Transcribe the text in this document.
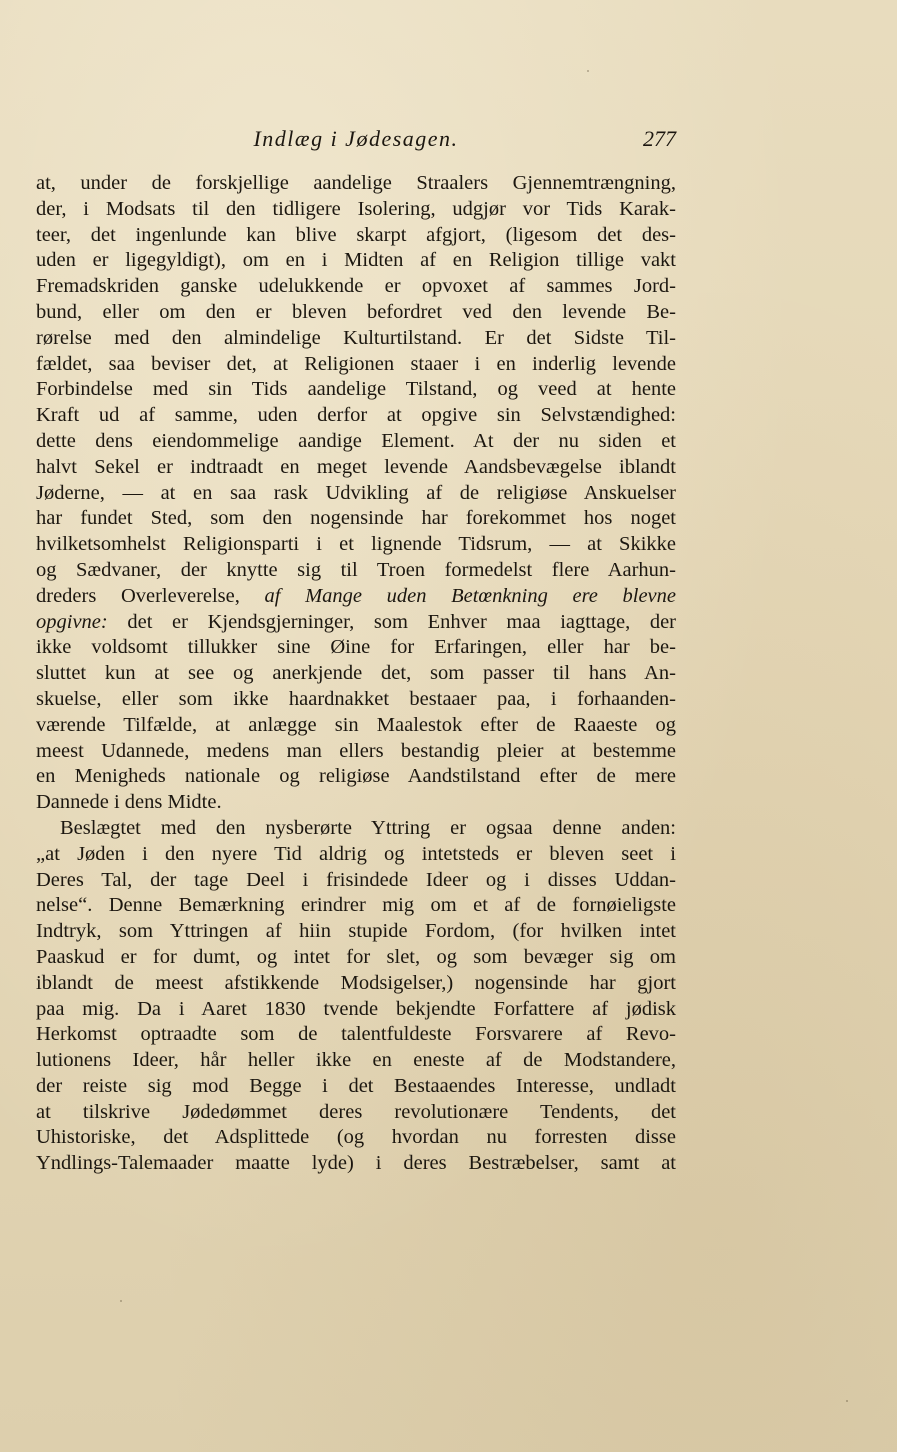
Indlæg i Jødesagen.	277
at, under de forskjellige aandelige Straalers Gjennemtrængning,
der, i Modsats til den tidligere Isolering, udgjør vor Tids Karak-
teer, det ingenlunde kan blive skarpt afgjort, (ligesom det des-
uden er ligegyldigt), om en i Midten af en Religion tillige vakt
Fremadskriden ganske udelukkende er opvoxet af sammes Jord-
bund, eller om den er bleven befordret ved den levende Be-
rørelse med den almindelige Kulturtilstand. Er det Sidste Til-
fældet, saa beviser det, at Religionen staaer i en inderlig levende
Forbindelse med sin Tids aandelige Tilstand, og veed at hente
Kraft ud af samme, uden derfor at opgive sin Selvstændighed:
dette dens eiendommelige aandige Element. At der nu siden et
halvt Sekel er indtraadt en meget levende Aandsbevægelse iblandt
Jøderne, — at en saa rask Udvikling af de religiøse Anskuelser
har fundet Sted, som den nogensinde har forekommet hos noget
hvilketsomhelst Religionsparti i et lignende Tidsrum, — at Skikke
og Sædvaner, der knytte sig til Troen formedelst flere Aarhun-
dreders Overleverelse, af Mange uden Betœnkning ere blevne
opgivne: det er Kjendsgjerninger, som Enhver maa iagttage, der
ikke voldsomt tillukker sine Øine for Erfaringen, eller har be-
sluttet kun at see og anerkjende det, som passer til hans An-
skuelse, eller som ikke haardnakket bestaaer paa, i forhaanden-
værende Tilfælde, at anlægge sin Maalestok efter de Raaeste og
meest Udannede, medens man ellers bestandig pleier at bestemme
en Menigheds nationale og religiøse Aandstilstand efter de mere
Dannede i dens Midte.
Beslægtet med den nysberørte Yttring er ogsaa denne anden:
„at Jøden i den nyere Tid aldrig og intetsteds er bleven seet i
Deres Tal, der tage Deel i frisindede Ideer og i disses Uddan-
nelse“. Denne Bemærkning erindrer mig om et af de fornøieligste
Indtryk, som Yttringen af hiin stupide Fordom, (for hvilken intet
Paaskud er for dumt, og intet for slet, og som bevæger sig om
iblandt de meest afstikkende Modsigelser,) nogensinde har gjort
paa mig. Da i Aaret 1830 tvende bekjendte Forfattere af jødisk
Herkomst optraadte som de talentfuldeste Forsvarere af Revo-
lutionens Ideer, hår heller ikke en eneste af de Modstandere,
der reiste sig mod Begge i det Bestaaendes Interesse, undladt
at tilskrive Jødedømmet deres revolutionære Tendents, det
Uhistoriske, det Adsplittede (og hvordan nu forresten disse
Yndlings-Talemaader maatte lyde) i deres Bestræbelser, samt at
